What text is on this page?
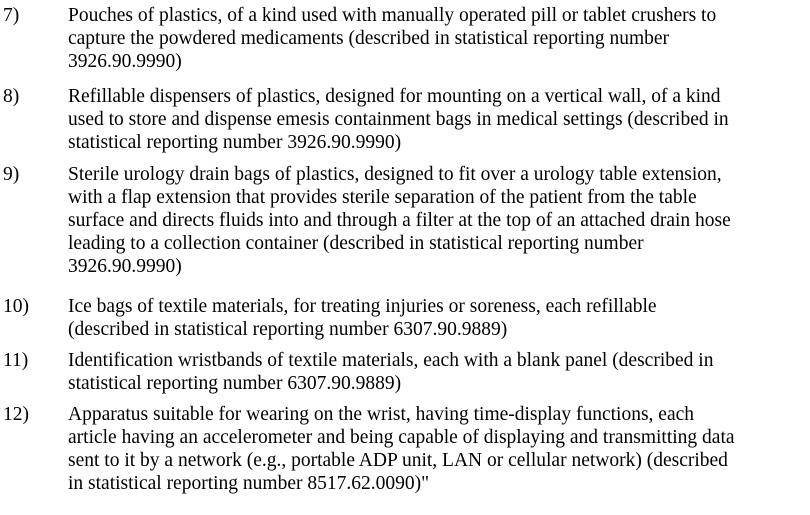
7)	Pouches of plastics, of a kind used with manually operated pill or tablet crushers to
capture the powdered medicaments (described in statistical reporting number
3926.90.9990)
8)	Refillable dispensers of plastics, designed for mounting on a vertical wall, of a kind
used to store and dispense emesis containment bags in medical settings (described in
statistical reporting number 3926.90.9990)
9)	Sterile urology drain bags of plastics, designed to fit over a urology table extension,
with a flap extension that provides sterile separation of the patient from the table
surface and directs fluids into and through a filter at the top of an attached drain hose
leading to a collection container (described in statistical reporting number
3926.90.9990)
10) Ice bags of textile materials, for treating injuries or soreness, each refillable
(described in statistical reporting number 6307.90.9889)
11) Identification wristbands of textile materials, each with a blank panel (described in
statistical reporting number 6307.90.9889)
12) Apparatus suitable for wearing on the wrist, having time-display functions, each
article having an accelerometer and being capable of displaying and transmitting data
sent to it by a network (e.g., portable ADP unit, LAN or cellular network) (described
in statistical reporting number 8517.62.0090)"
